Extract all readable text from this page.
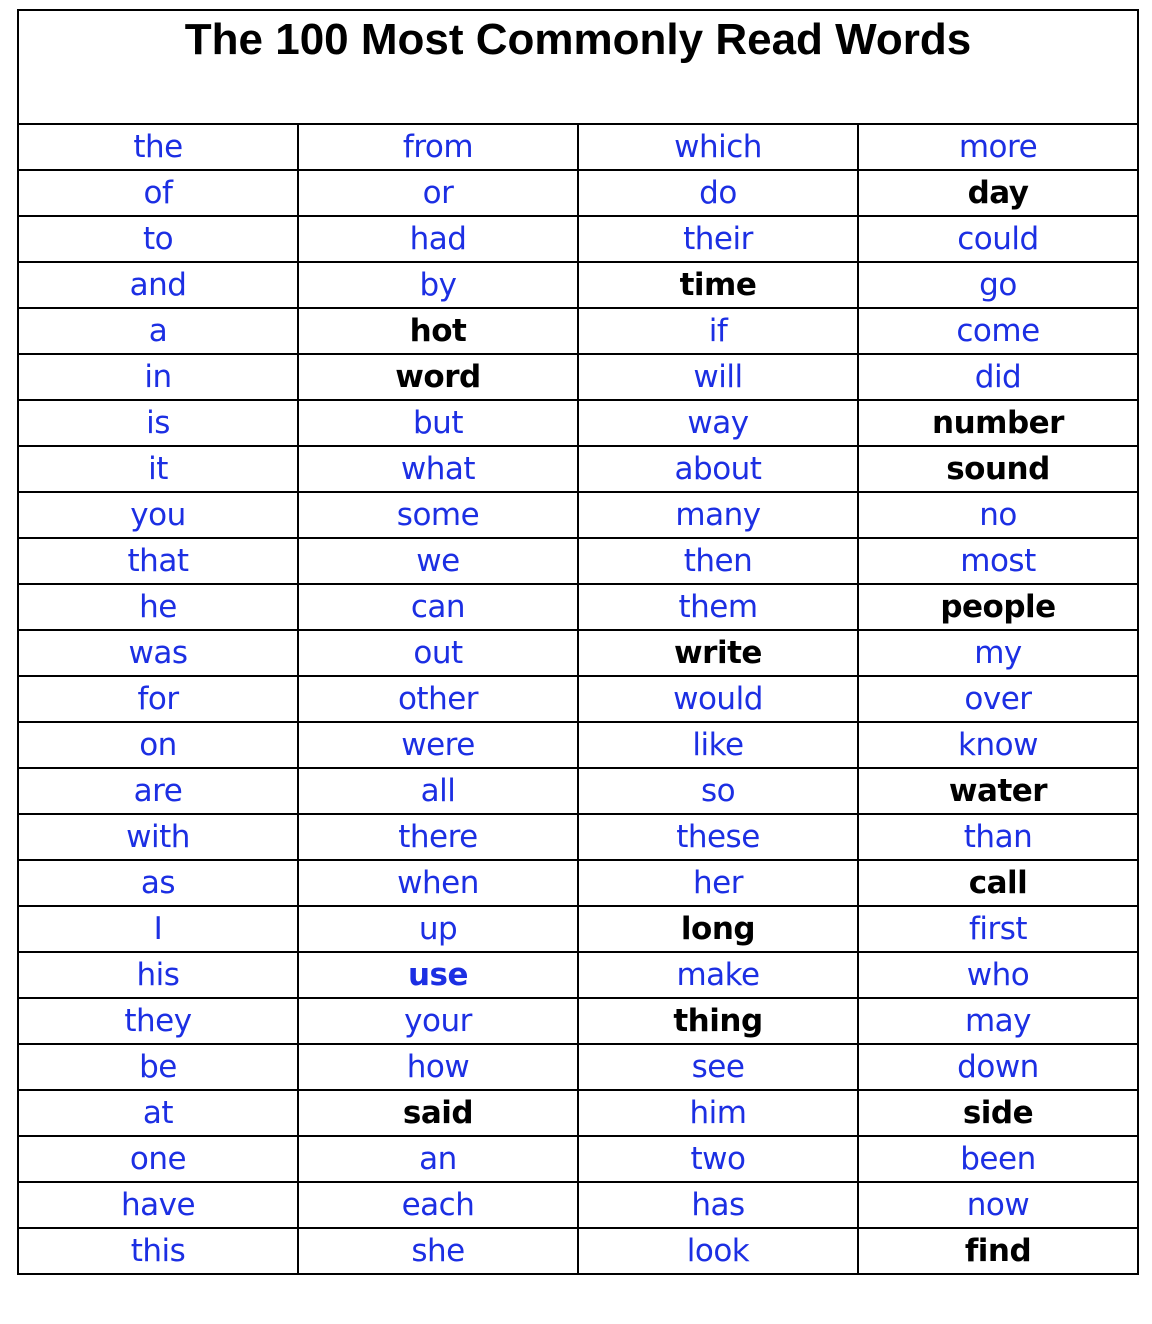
The 100 Most Commonly Read Words			
the	from	which	more
of	or	do	day
to	had	their	could
and	by	time	go
a	hot	if	come
in	word	will	did
is	but	way	number
it	what	about	sound
you	some	many	no
that	we	then	most
he	can	them	people
was	out	write	my
for	other	would	over
on	were	like	know
are	all	so	water
with	there	these	than
as	when	her	call
I	up	long	first
his	use	make	who
they	your	thing	may
be	how	see	down
at	said	him	side
one	an	two	been
have	each	has	now
this	she	look	find
